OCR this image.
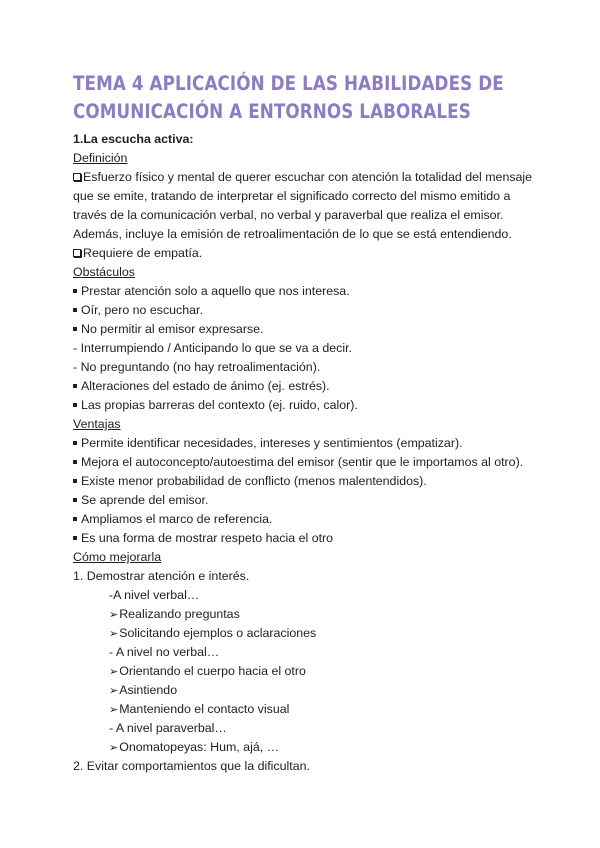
TEMA 4 APLICACIÓN DE LAS HABILIDADES DE
COMUNICACIÓN A ENTORNOS LABORALES
1.La escucha activa:
Definición
Esfuerzo físico y mental de querer escuchar con atención la totalidad del mensaje
que se emite, tratando de interpretar el significado correcto del mismo emitido a
través de la comunicación verbal, no verbal y paraverbal que realiza el emisor.
Además, incluye la emisión de retroalimentación de lo que se está entendiendo.
Requiere de empatía.
Obstáculos
Prestar atención solo a aquello que nos interesa.
Oír, pero no escuchar.
No permitir al emisor expresarse.
- Interrumpiendo / Anticipando lo que se va a decir.
- No preguntando (no hay retroalimentación).
Alteraciones del estado de ánimo (ej. estrés).
Las propias barreras del contexto (ej. ruido, calor).
Ventajas
Permite identificar necesidades, intereses y sentimientos (empatizar).
Mejora el autoconcepto/autoestima del emisor (sentir que le importamos al otro).
Existe menor probabilidad de conflicto (menos malentendidos).
Se aprende del emisor.
Ampliamos el marco de referencia.
Es una forma de mostrar respeto hacia el otro
Cómo mejorarla
1. Demostrar atención e interés.
-A nivel verbal…
➢Realizando preguntas
➢Solicitando ejemplos o aclaraciones
- A nivel no verbal…
➢Orientando el cuerpo hacia el otro
➢Asintiendo
➢Manteniendo el contacto visual
- A nivel paraverbal…
➢Onomatopeyas: Hum, ajá, …
2. Evitar comportamientos que la dificultan.
